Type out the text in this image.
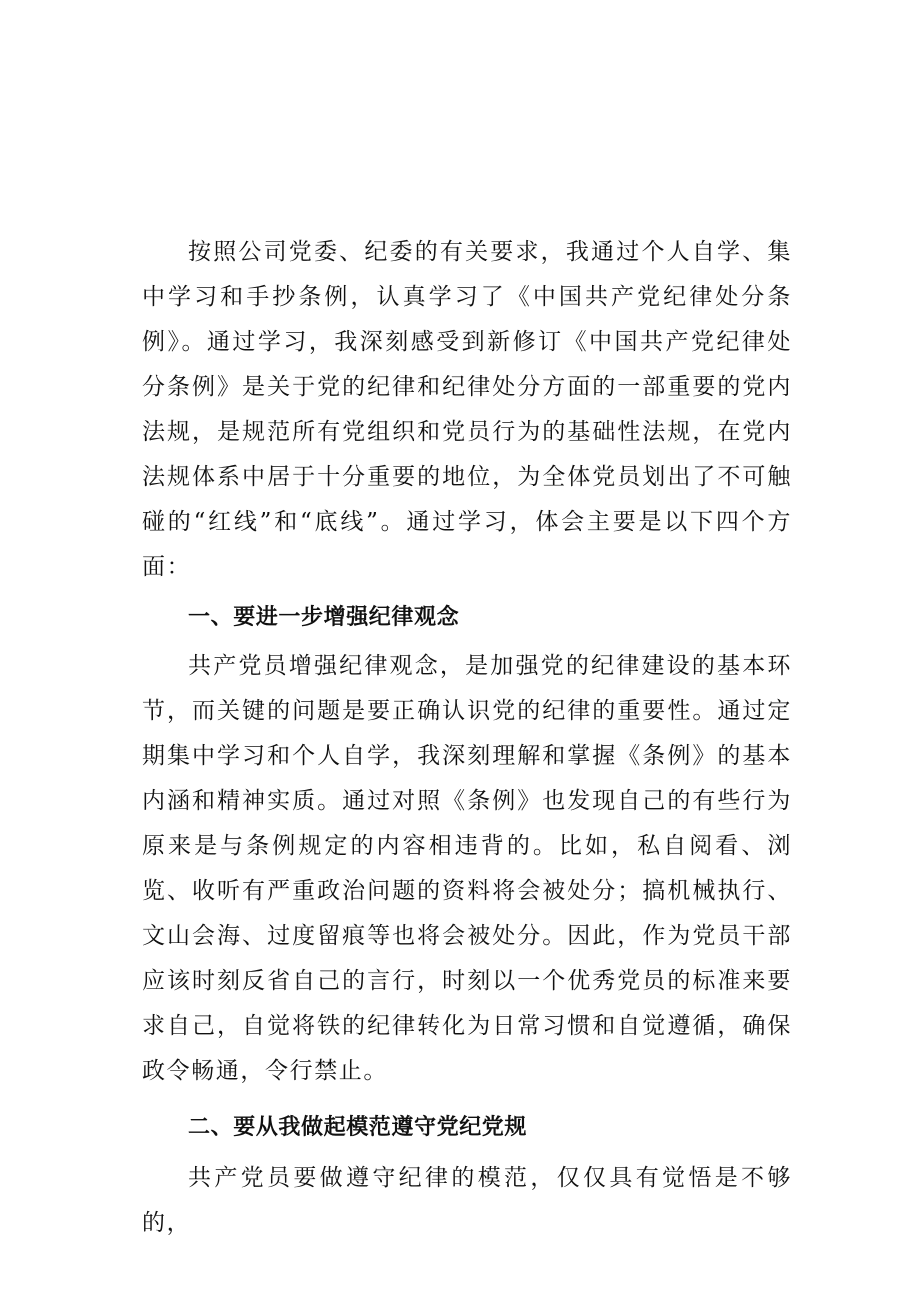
按照公司党委、纪委的有关要求，我通过个人自学、集中学习和手抄条例，认真学习了《中国共产党纪律处分条例》。通过学习，我深刻感受到新修订《中国共产党纪律处分条例》是关于党的纪律和纪律处分方面的一部重要的党内法规，是规范所有党组织和党员行为的基础性法规，在党内法规体系中居于十分重要的地位，为全体党员划出了不可触碰的“红线”和“底线”。通过学习，体会主要是以下四个方面：

一、要进一步增强纪律观念

共产党员增强纪律观念，是加强党的纪律建设的基本环节，而关键的问题是要正确认识党的纪律的重要性。通过定期集中学习和个人自学，我深刻理解和掌握《条例》的基本内涵和精神实质。通过对照《条例》也发现自己的有些行为原来是与条例规定的内容相违背的。比如，私自阅看、浏览、收听有严重政治问题的资料将会被处分；搞机械执行、文山会海、过度留痕等也将会被处分。因此，作为党员干部应该时刻反省自己的言行，时刻以一个优秀党员的标准来要求自己，自觉将铁的纪律转化为日常习惯和自觉遵循，确保政令畅通，令行禁止。

二、要从我做起模范遵守党纪党规

共产党员要做遵守纪律的模范，仅仅具有觉悟是不够的，
